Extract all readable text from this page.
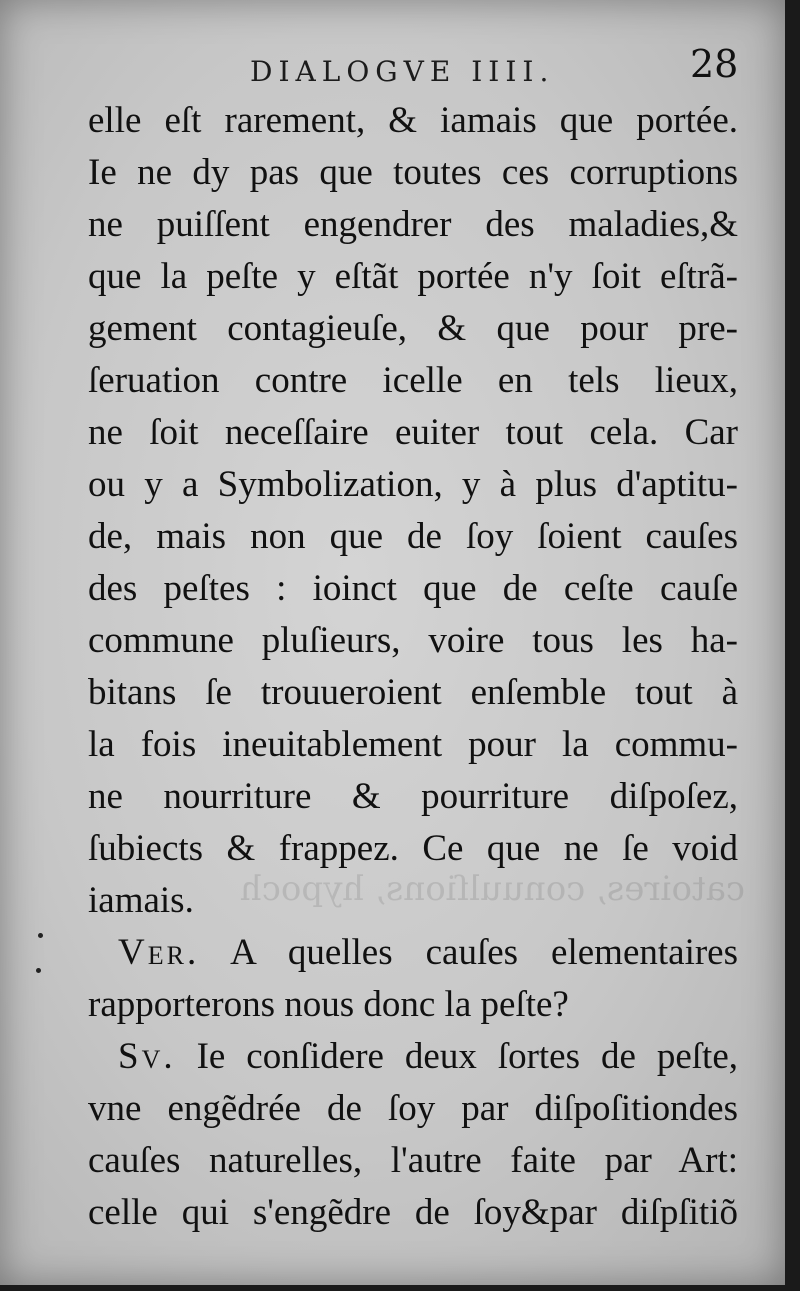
catoires, conuulſions, hypoch
DIALOGVE IIII.	28
elle eſt rarement, & iamais que portée.
Ie ne dy pas que toutes ces corruptions
ne puiſſent engendrer des maladies,&
que la peſte y eſtãt portée n'y ſoit eſtrã-
gement contagieuſe, & que pour pre-
ſeruation contre icelle en tels lieux,
ne ſoit neceſſaire euiter tout cela. Car
ou y a Symbolization, y à plus d'aptitu-
de, mais non que de ſoy ſoient cauſes
des peſtes : ioinct que de ceſte cauſe
commune pluſieurs, voire tous les ha-
bitans ſe trouueroient enſemble tout à
la fois ineuitablement pour la commu-
ne nourriture & pourriture diſpoſez,
ſubiects & frappez. Ce que ne ſe void
iamais.
Ver. A quelles cauſes elementaires
rapporterons nous donc la peſte?
Sv. Ie conſidere deux ſortes de peſte,
vne engẽdrée de ſoy par diſpoſitiondes
cauſes naturelles, l'autre faite par Art:
celle qui s'engẽdre de ſoy&par diſpſitiõ
